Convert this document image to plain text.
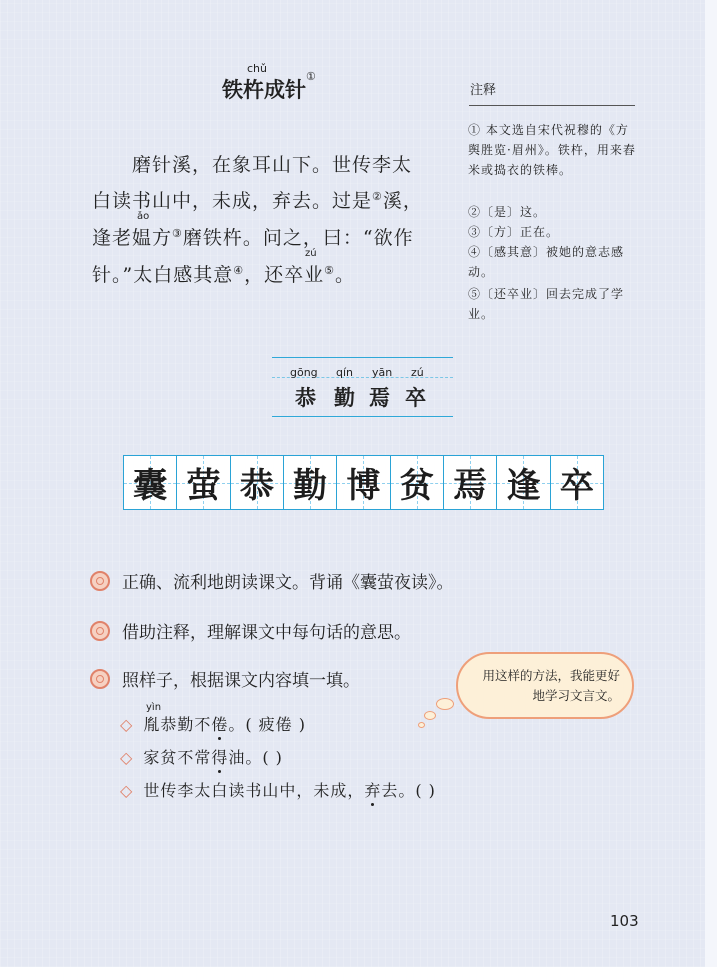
chǔ
铁杵成针①
磨针溪，在象耳山下。世传李太
白读书山中，未成，弃去。过是②溪，
ǎo
逢老媪方③磨铁杵。问之，曰：“欲作
zú
针。”太白感其意④，还卒业⑤。
注释
① 本文选自宋代祝穆的《方舆胜览·眉州》。铁杵，用来舂米或捣衣的铁棒。
②〔是〕这。
③〔方〕正在。
④〔感其意〕被她的意志感动。
⑤〔还卒业〕回去完成了学业。
gōng qín yān zú
恭 勤 焉 卒
囊 萤 恭 勤 博 贫 焉 逢 卒
正确、流利地朗读课文。背诵《囊萤夜读》。
借助注释，理解课文中每句话的意思。
照样子，根据课文内容填一填。
yìn
◇ 胤恭勤不倦。( 疲倦 )
◇ 家贫不常得油。( )
◇ 世传李太白读书山中，未成，弃去。( )
用这样的方法，我能更好地学习文言文。
103
